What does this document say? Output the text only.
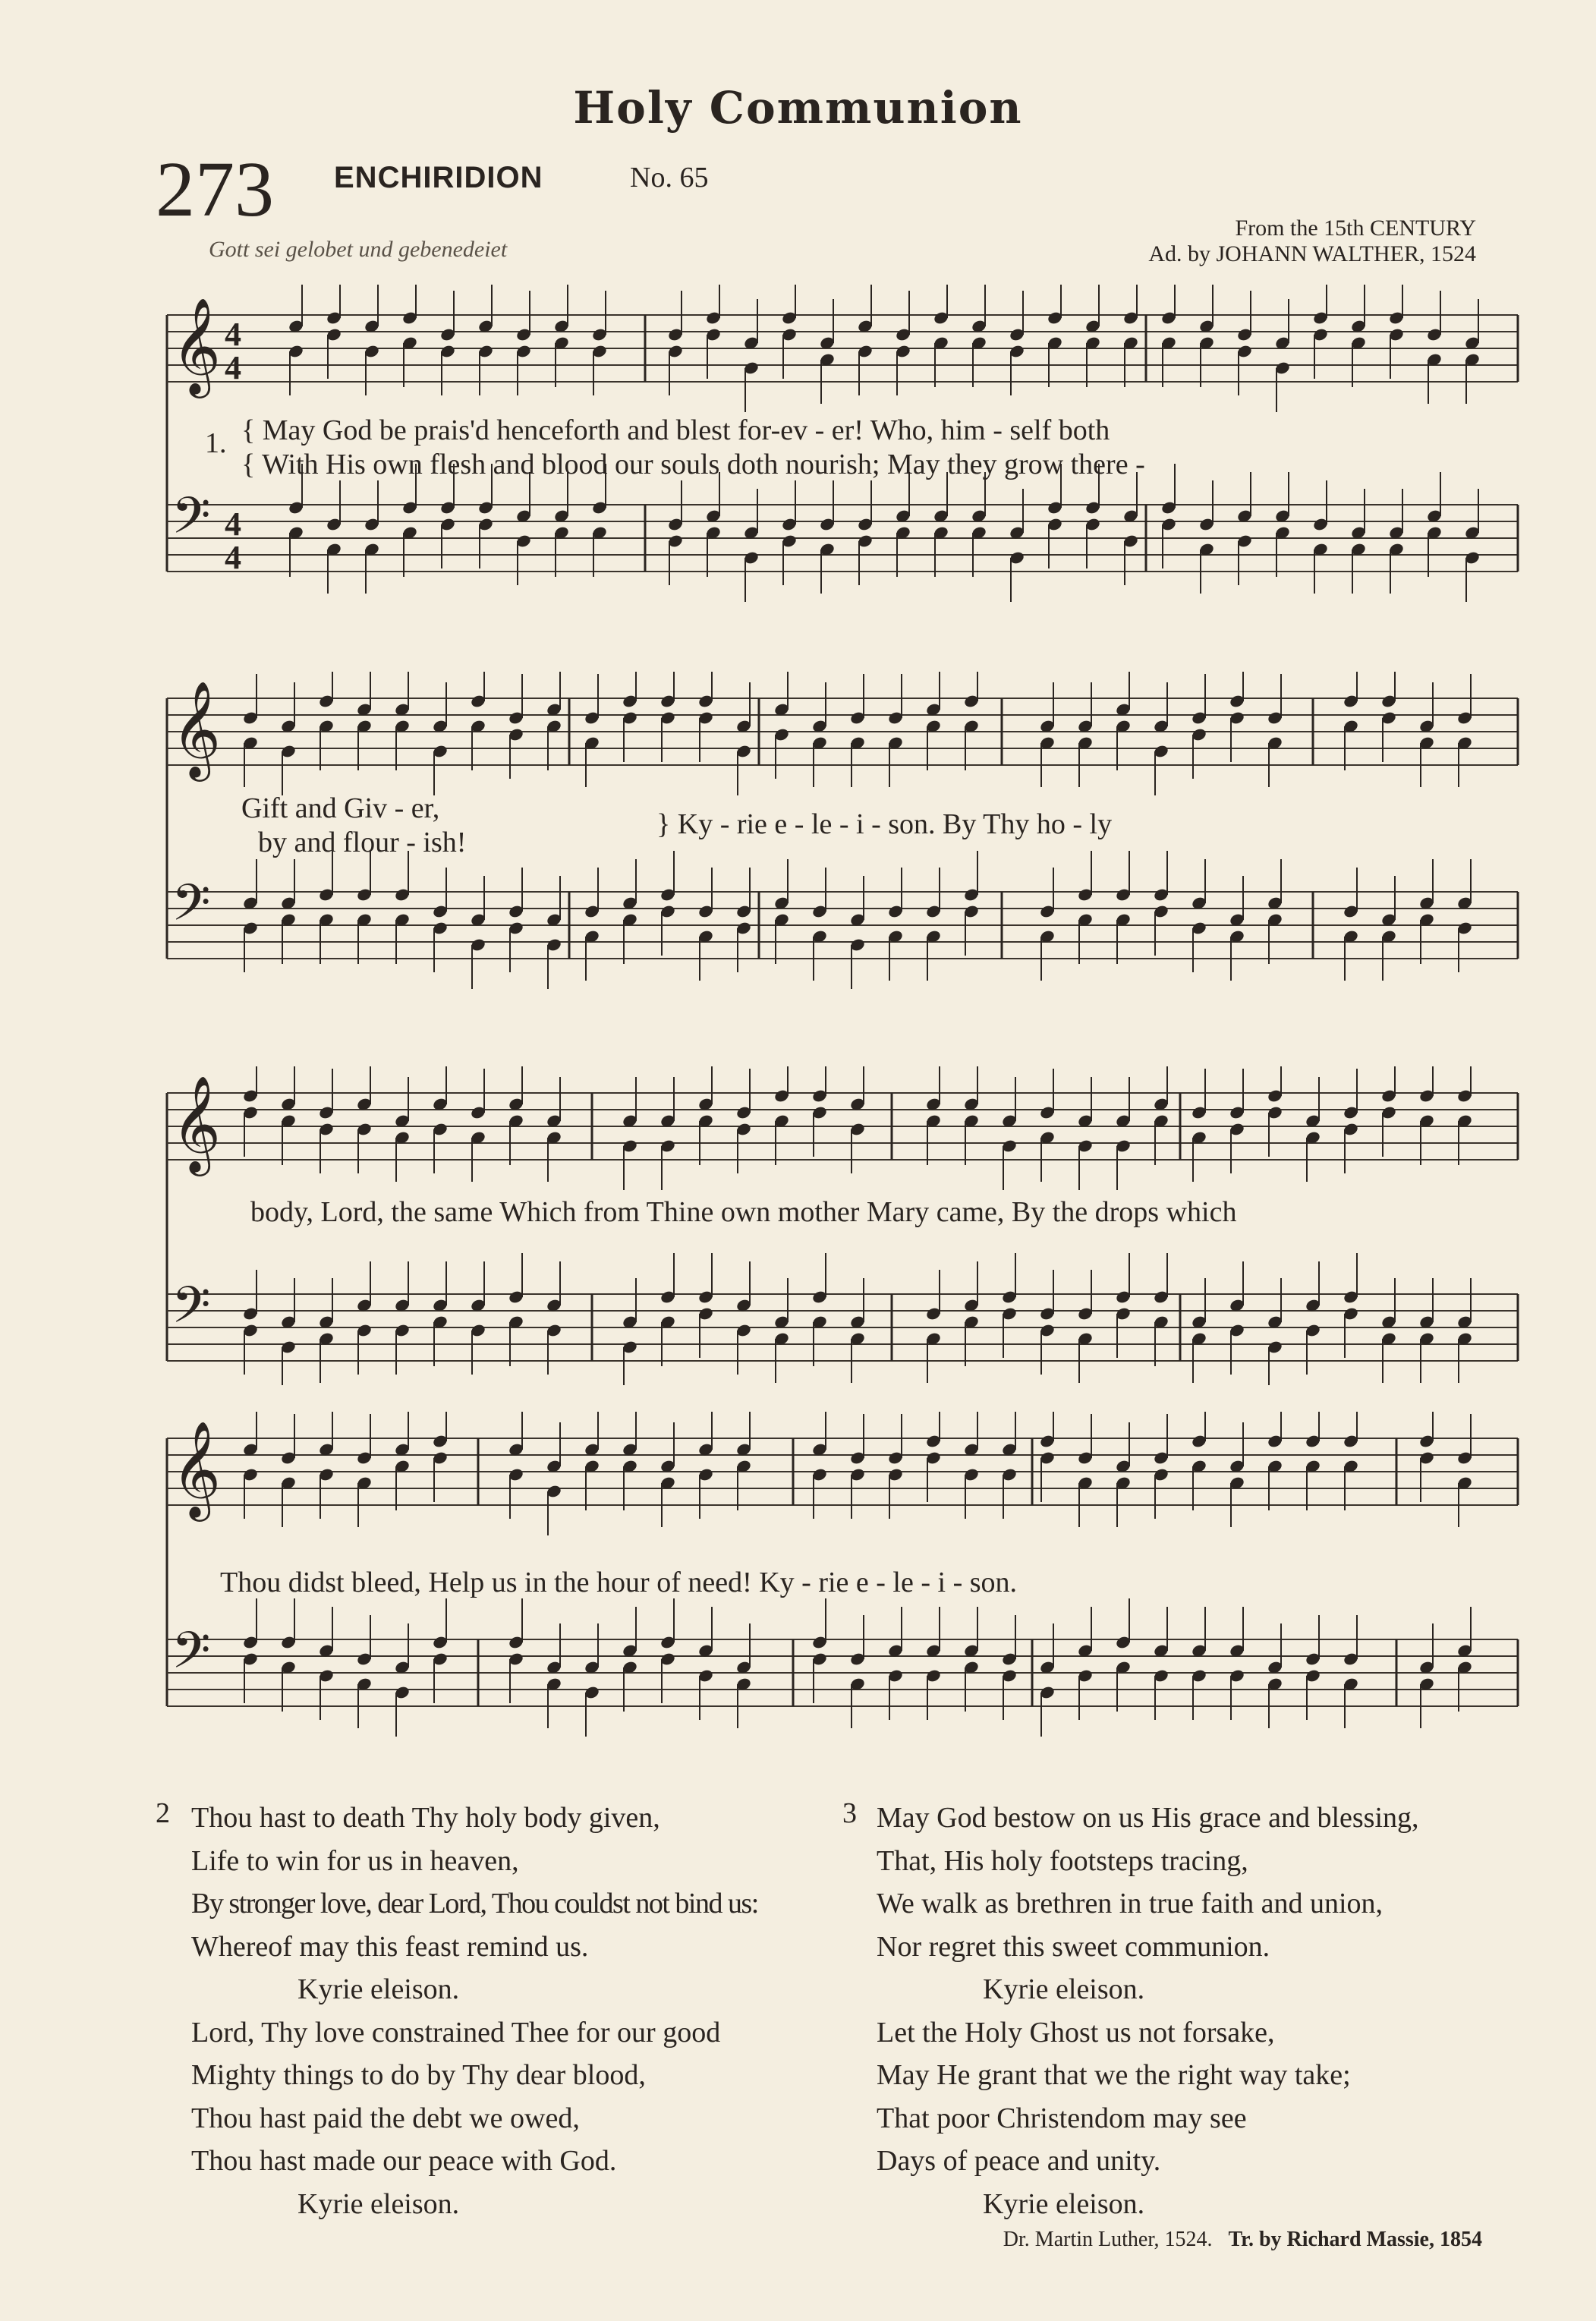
Holy Communion
273 ENCHIRIDION	No. 65
Gott sei gelobet und gebenedeiet
From the 15th CENTURY
Ad. by JOHANN WALTHER, 1524
𝄞 4
4
𝄢 4
4
𝄞
𝄢
𝄞
𝄢
𝄞
𝄢
1. { May God be prais'd henceforth and blest for-ev - er! Who, him - self both
{ With His own flesh and blood our souls doth nourish; May they grow there -
Gift and Giv - er,
by and flour - ish!
} Ky - rie e - le - i - son. By Thy ho - ly
body, Lord, the same Which from Thine own mother Mary came, By the drops which
Thou didst bleed, Help us in the hour of need! Ky - rie e - le - i - son.
2 Thou hast to death Thy holy body given,
Life to win for us in heaven,
By stronger love, dear Lord, Thou couldst not bind us:
Whereof may this feast remind us.
Kyrie eleison.
Lord, Thy love constrained Thee for our good
Mighty things to do by Thy dear blood,
Thou hast paid the debt we owed,
Thou hast made our peace with God.
Kyrie eleison.
3 May God bestow on us His grace and blessing,
That, His holy footsteps tracing,
We walk as brethren in true faith and union,
Nor regret this sweet communion.
Kyrie eleison.
Let the Holy Ghost us not forsake,
May He grant that we the right way take;
That poor Christendom may see
Days of peace and unity.
Kyrie eleison.
Dr. Martin Luther, 1524. Tr. by Richard Massie, 1854
